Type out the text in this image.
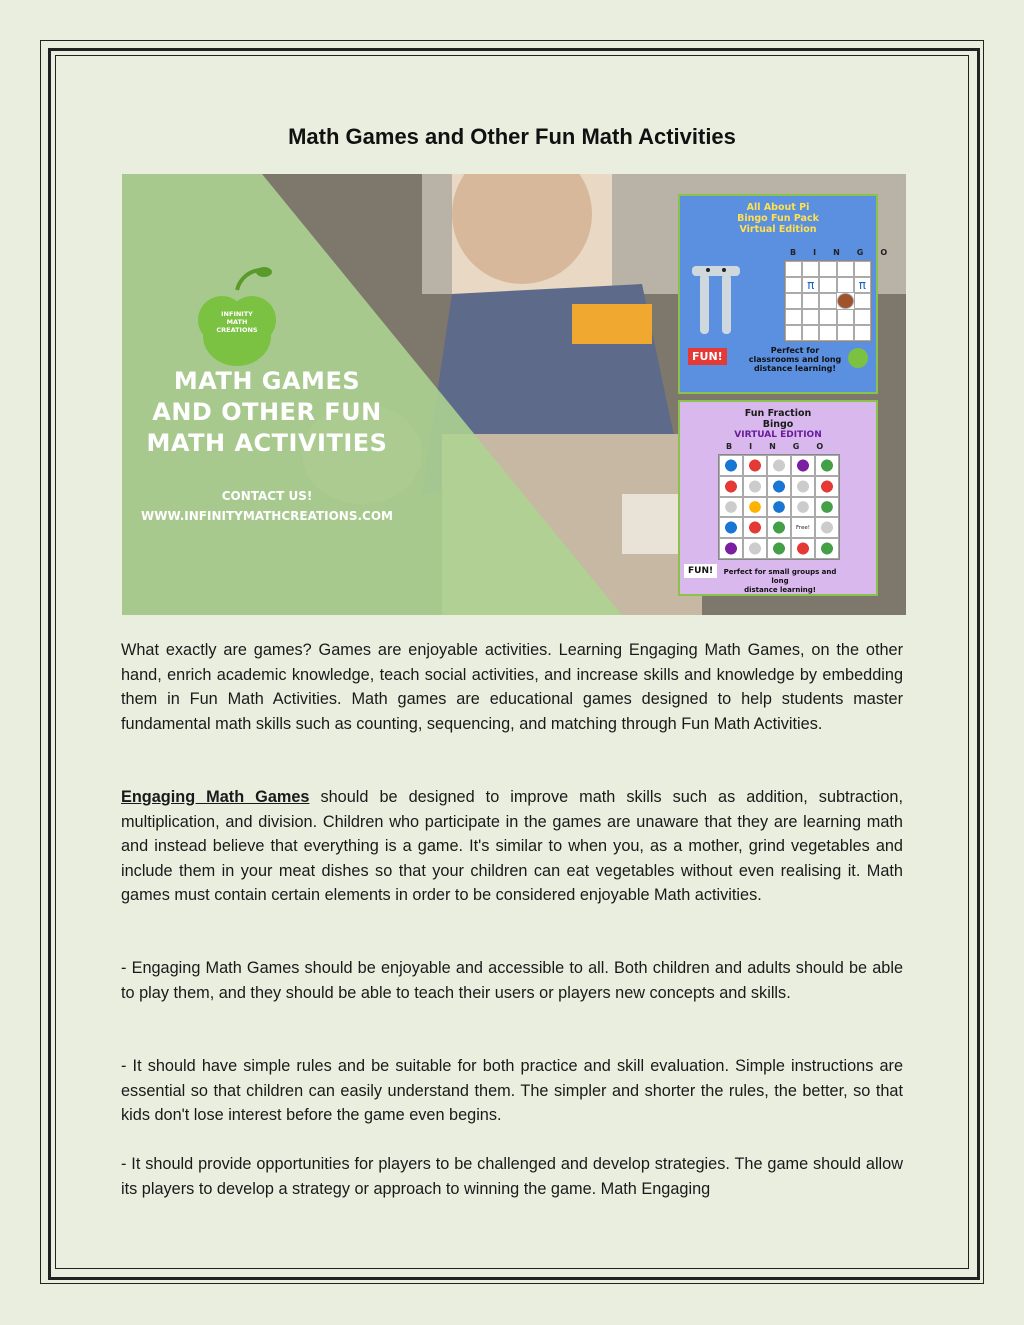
Math Games and Other Fun Math Activities
INFINITY MATH
CREATIONS
MATH GAMES
AND OTHER FUN
MATH ACTIVITIES
CONTACT US!
WWW.INFINITYMATHCREATIONS.COM
All About Pi
Bingo Fun Pack
Virtual Edition
BINGO
π	π
FUN!	Perfect for
classrooms and long
distance learning!
Fun Fraction
Bingo
VIRTUAL EDITION
BINGO
Free!
FUN!	Perfect for small groups and long
distance learning!

What exactly are games? Games are enjoyable activities. Learning Engaging Math Games, on the other hand, enrich academic knowledge, teach social activities, and increase skills and knowledge by embedding them in Fun Math Activities. Math games are educational games designed to help students master fundamental math skills such as counting, sequencing, and matching through Fun Math Activities.

Engaging Math Games should be designed to improve math skills such as addition, subtraction, multiplication, and division. Children who participate in the games are unaware that they are learning math and instead believe that everything is a game. It's similar to when you, as a mother, grind vegetables and include them in your meat dishes so that your children can eat vegetables without even realising it. Math games must contain certain elements in order to be considered enjoyable Math activities.

- Engaging Math Games should be enjoyable and accessible to all. Both children and adults should be able to play them, and they should be able to teach their users or players new concepts and skills.

- It should have simple rules and be suitable for both practice and skill evaluation. Simple instructions are essential so that children can easily understand them. The simpler and shorter the rules, the better, so that kids don't lose interest before the game even begins.

- It should provide opportunities for players to be challenged and develop strategies. The game should allow its players to develop a strategy or approach to winning the game. Math Engaging
